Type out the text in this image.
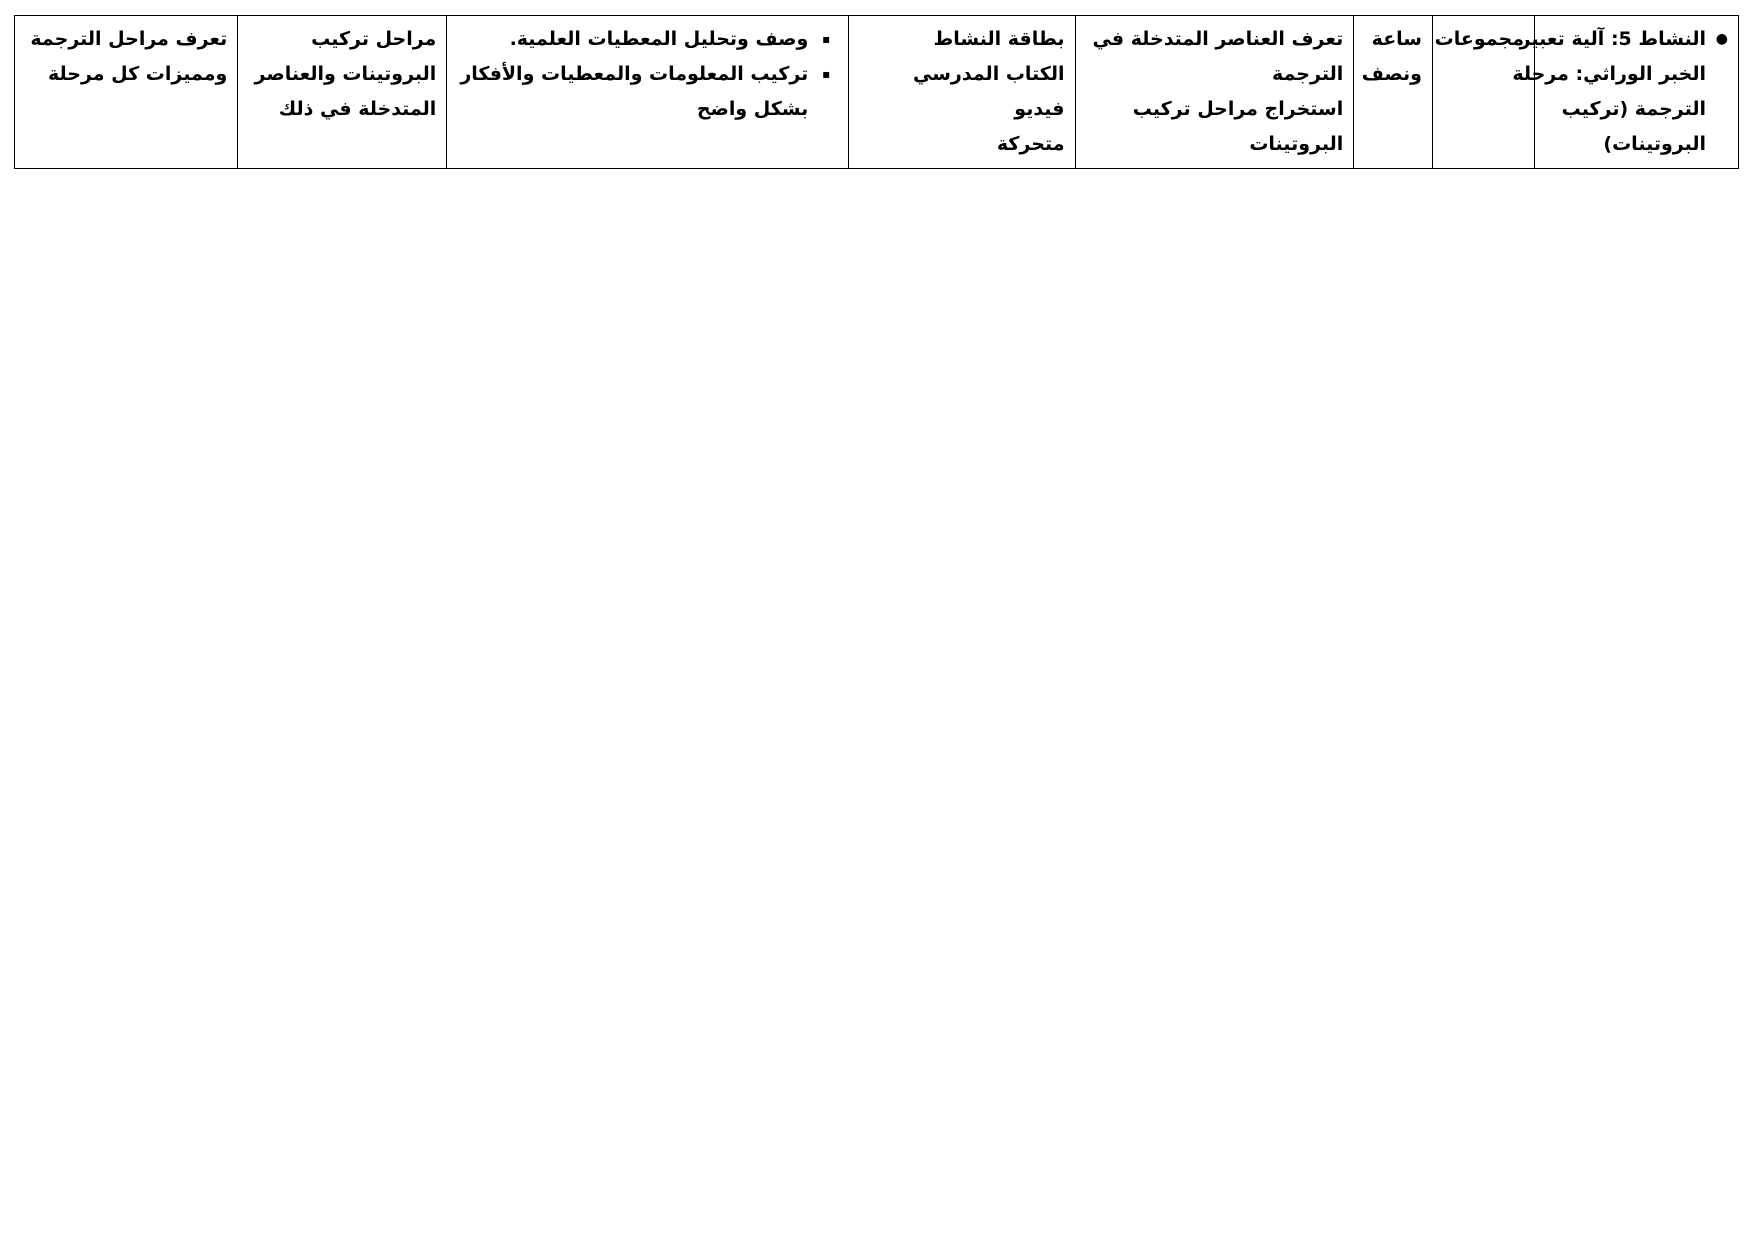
●
النشاط 5: آلية تعبير
الخبر الوراثي: مرحلة
الترجمة (تركيب
البروتينات)

مجموعات

ساعة
ونصف

تعرف العناصر المتدخلة في
الترجمة
استخراج مراحل تركيب
البروتينات

بطاقة النشاط
الكتاب المدرسي
فيديو
متحركة

▪
وصف وتحليل المعطيات العلمية.
▪
تركيب المعلومات والمعطيات والأفكار
بشكل واضح

مراحل تركيب
البروتينات والعناصر
المتدخلة في ذلك

تعرف مراحل الترجمة
ومميزات كل مرحلة
